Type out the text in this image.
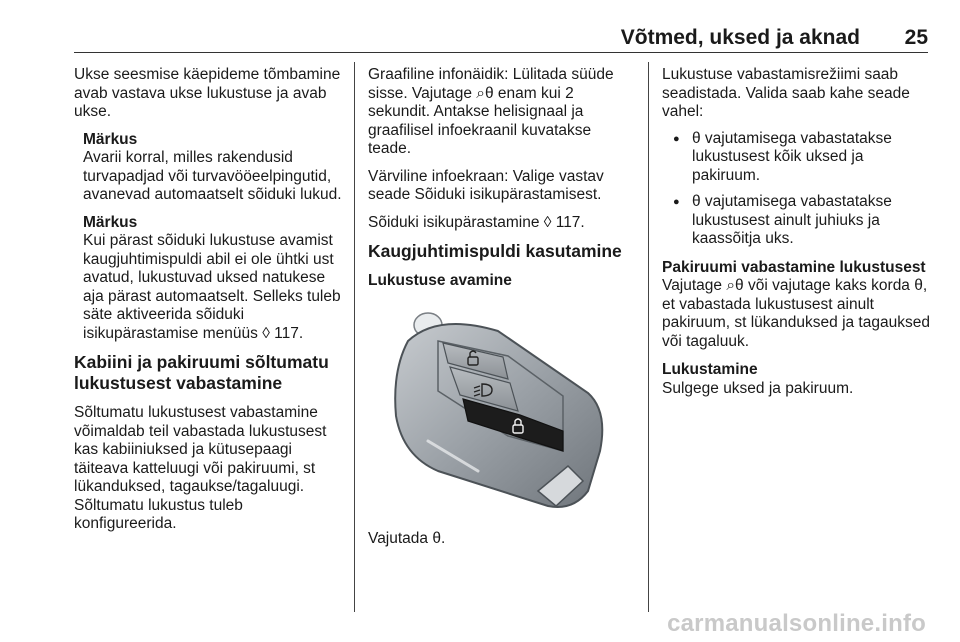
Võtmed, uksed ja aknad 25

Ukse seesmise käepideme tõmbamine avab vastava ukse lukustuse ja avab ukse.

Märkus
Avarii korral, milles rakendusid turvapadjad või turvavööeelpingutid, avanevad automaatselt sõiduki lukud.
Märkus
Kui pärast sõiduki lukustuse avamist kaugjuhtimispuldi abil ei ole ühtki ust avatud, lukustuvad uksed natukese aja pärast automaatselt. Selleks tuleb säte aktiveerida sõiduki isikupärastamise menüüs ◊ 117.
Kabiini ja pakiruumi sõltumatu lukustusest vabastamine

Sõltumatu lukustusest vabastamine võimaldab teil vabastada lukustusest kas kabiiniuksed ja kütusepaagi täiteava katteluugi või pakiruumi, st lükanduksed, tagaukse/tagaluugi. Sõltumatu lukustus tuleb konfigureerida.

Graafiline infonäidik: Lülitada süüde sisse. Vajutage ⌕θ enam kui 2 sekundit. Antakse helisignaal ja graafilisel infoekraanil kuvatakse teade.

Värviline infoekraan: Valige vastav seade Sõiduki isikupärastamisest.

Sõiduki isikupärastamine ◊ 117.

Kaugjuhtimispuldi kasutamine
Lukustuse avamine

Vajutada θ.

Lukustuse vabastamisrežiimi saab seadistada. Valida saab kahe seade vahel:

● θ vajutamisega vabastatakse lukustusest kõik uksed ja pakiruum.
● θ vajutamisega vabastatakse lukustusest ainult juhiuks ja kaassõitja uks.
Pakiruumi vabastamine lukustusest

Vajutage ⌕θ või vajutage kaks korda θ, et vabastada lukustusest ainult pakiruum, st lükanduksed ja tagauksed või tagaluuk.

Lukustamine

Sulgege uksed ja pakiruum.

carmanualsonline.info
